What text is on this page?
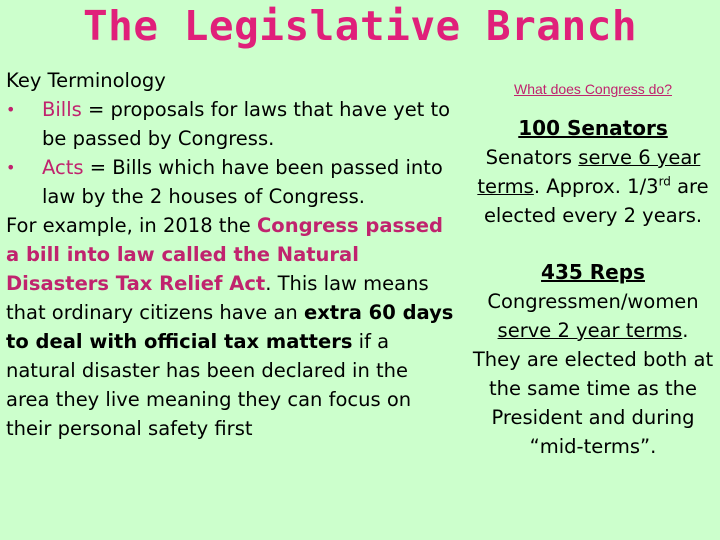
The Legislative Branch

Key Terminology

• Bills = proposals for laws that have yet to be passed by Congress.
• Acts = Bills which have been passed into law by the 2 houses of Congress.

For example, in 2018 the Congress passed a bill into law called the Natural Disasters Tax Relief Act. This law means that ordinary citizens have an extra 60 days to deal with official tax matters if a natural disaster has been declared in the area they live meaning they can focus on their personal safety first

What does Congress do?

100 Senators

Senators serve 6 year terms. Approx. 1/3rd are elected every 2 years.

435 Reps

Congressmen/women serve 2 year terms. They are elected both at the same time as the President and during “mid-terms”.
